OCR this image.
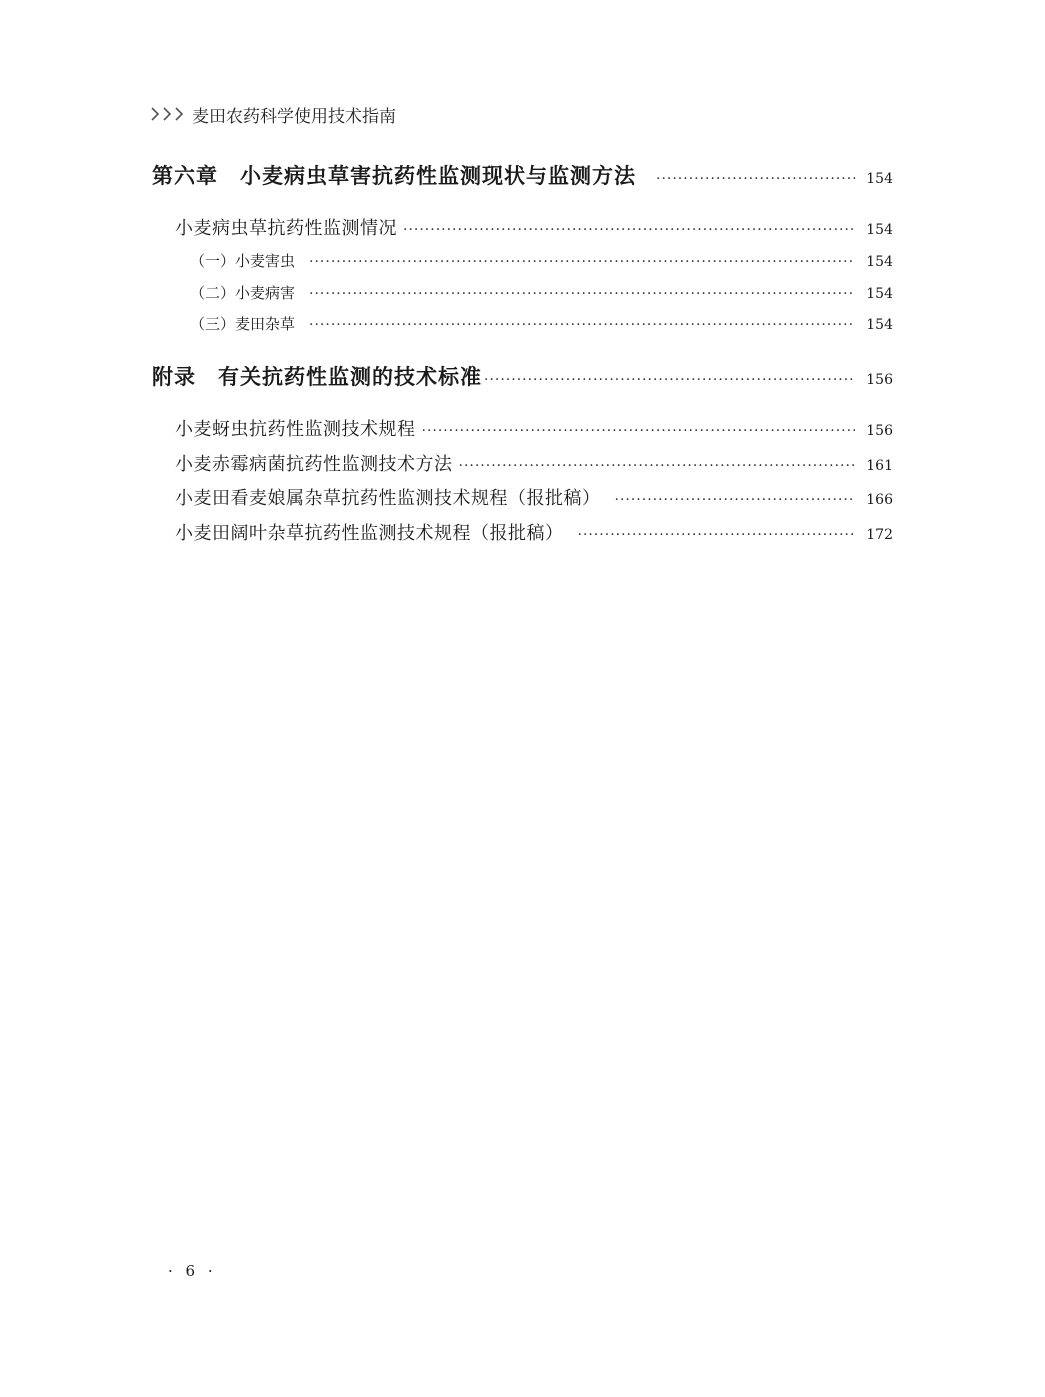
麦田农药科学使用技术指南
第六章　小麦病虫草害抗药性监测现状与监测方法 ·····	154
小麦病虫草抗药性监测情况 ·····	154
（一）小麦害虫 ·····	154
（二）小麦病害 ·····	154
（三）麦田杂草 ·····	154
附录　有关抗药性监测的技术标准 ·····	156
小麦蚜虫抗药性监测技术规程 ·····	156
小麦赤霉病菌抗药性监测技术方法 ·····	161
小麦田看麦娘属杂草抗药性监测技术规程（报批稿） ·····	166
小麦田阔叶杂草抗药性监测技术规程（报批稿） ·····	172
· 6 ·
